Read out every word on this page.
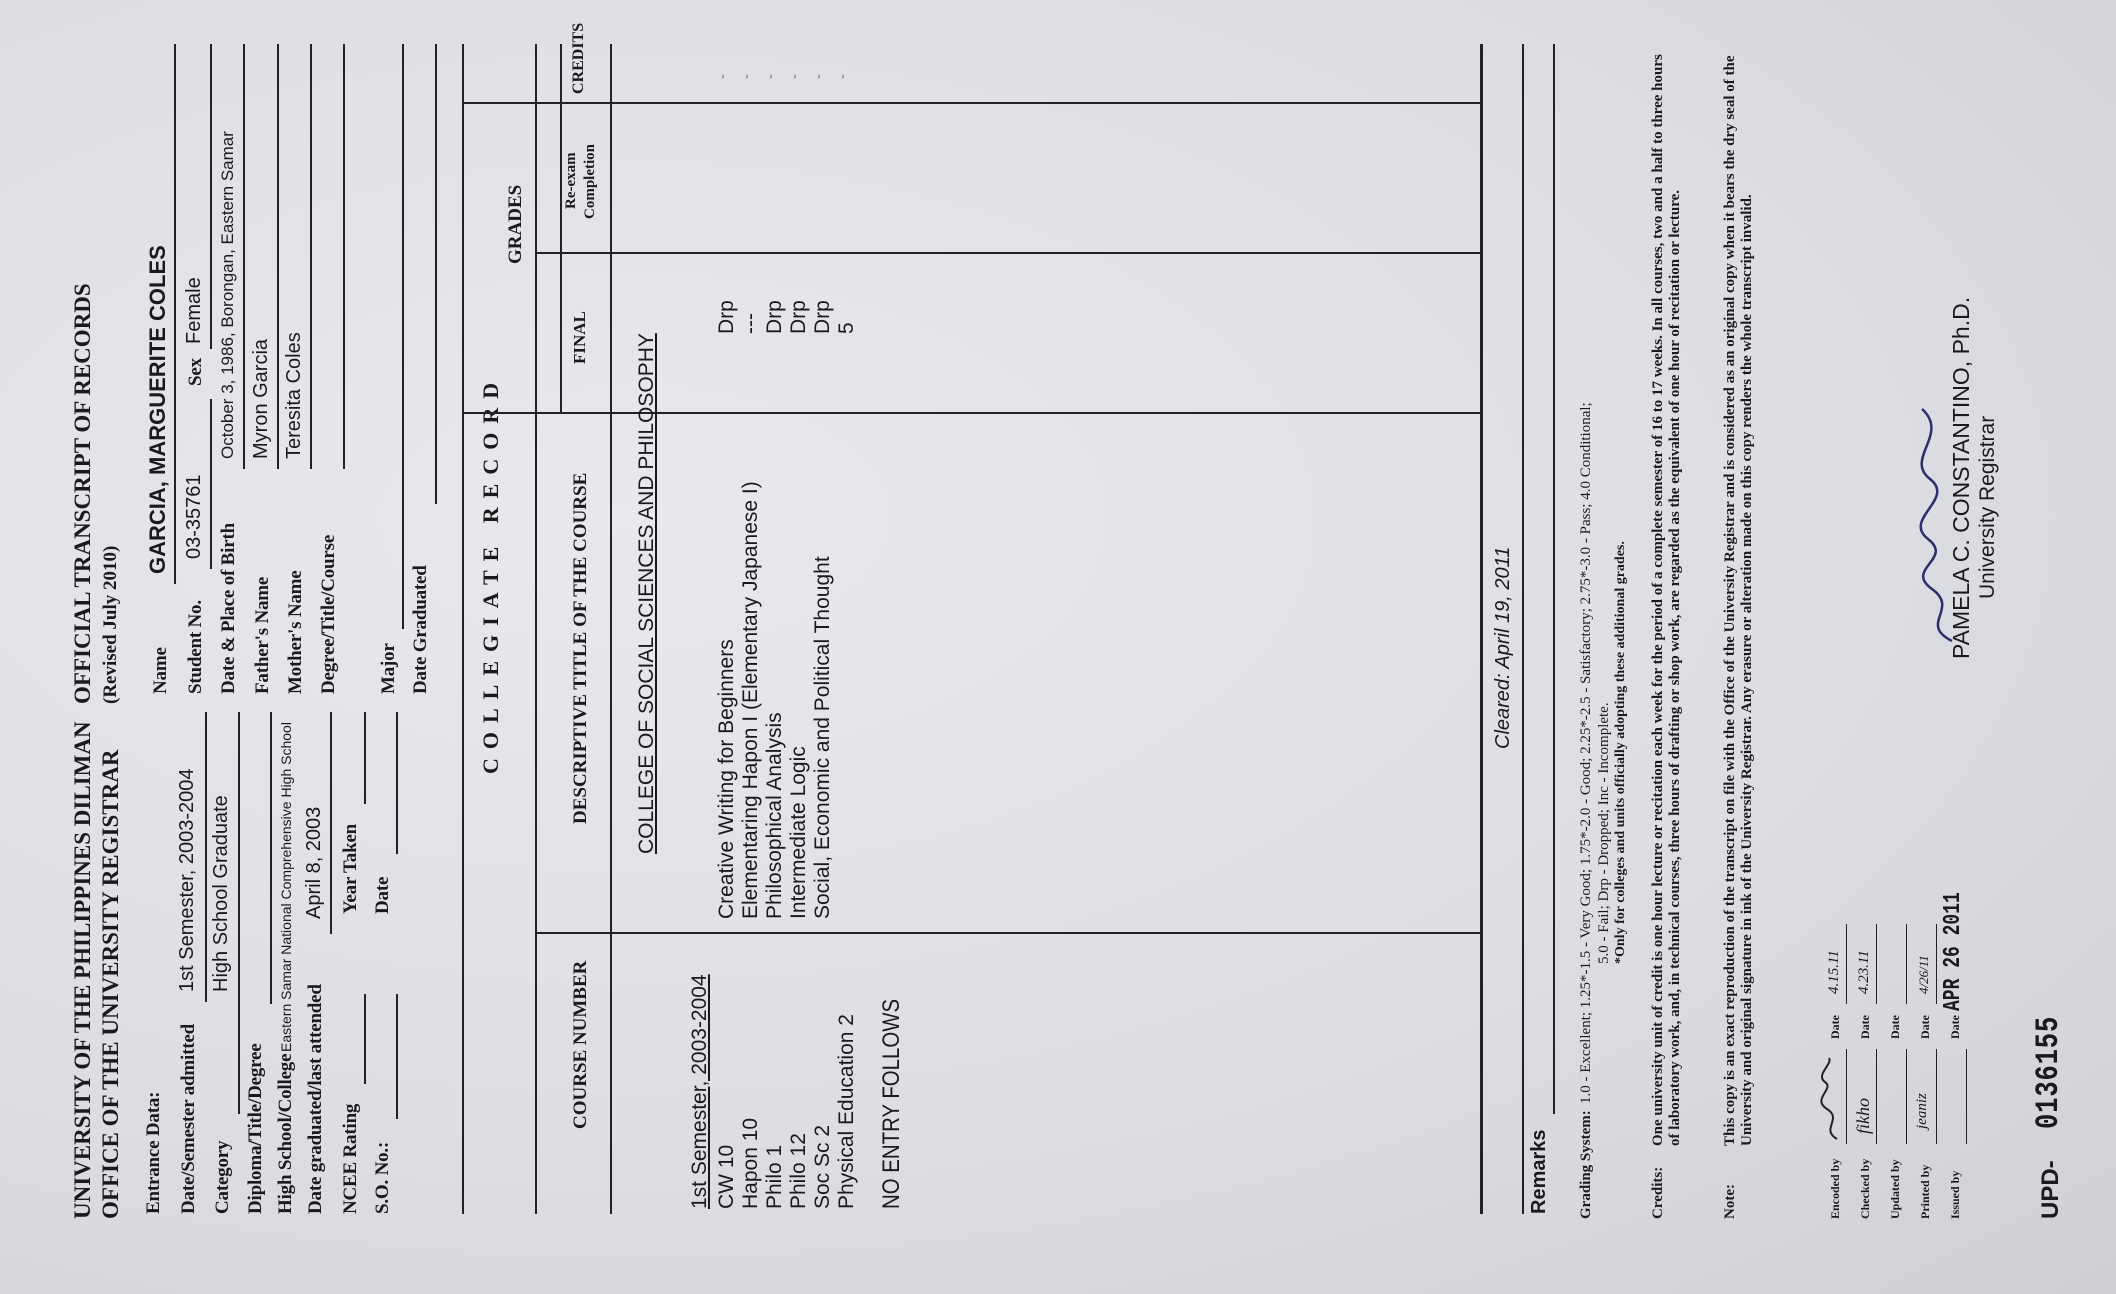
UNIVERSITY OF THE PHILIPPINES DILIMAN OFFICE OF THE UNIVERSITY REGISTRAR
OFFICIAL TRANSCRIPT OF RECORDS (Revised July 2010)
Entrance Data: Date/Semester admitted
1st Semester, 2003-2004
Category
High School Graduate
Diploma/Title/Degree High School/College
Eastern Samar National Comprehensive High School
Date graduated/last attended
April 8, 2003
NCEE Rating
Year Taken
S.O. No.:
Date
Name
GARCIA, MARGUERITE COLES
Student No.
03-35761
Sex
Female
Date & Place of Birth
October 3, 1986, Borongan, Eastern Samar
Father's Name
Myron Garcia
Mother's Name
Teresita Coles
Degree/Title/Course Major Date Graduated COLLEGIATE RECORD
COURSE NUMBER
DESCRIPTIVE TITLE OF THE COURSE
GRADES
FINAL
Re-exam Completion
CREDITS
COLLEGE OF SOCIAL SCIENCES AND PHILOSOPHY
1st Semester, 2003-2004 CW 10
Creative Writing for Beginners
Drp
-
Hapon 10
Elementaring Hapon I (Elementary Japanese I)
---
-
Philo 1
Philosophical Analysis
Drp
-
Philo 12
Intermediate Logic
Drp
-
Soc Sc 2
Social, Economic and Political Thought
Drp
-
Physical Education 2
5
-
NO ENTRY FOLLOWS
Cleared: April 19, 2011
Remarks Grading System:
1.0 - Excellent; 1.25*-1.5 - Very Good; 1.75*-2.0 - Good; 2.25*-2.5 - Satisfactory; 2.75*-3.0 - Pass; 4.0 Conditional; 5.0 - Fail; Drp - Dropped; Inc - Incomplete. *Only for colleges and units officially adopting these additional grades.
Credits:
One university unit of credit is one hour lecture or recitation each week for the period of a complete semester of 16 to 17 weeks. In all courses, two and a half to three hours of laboratory work, and, in technical courses, three hours of drafting or shop work, are regarded as the equivalent of one hour of recitation or lecture.
Note:
This copy is an exact reproduction of the transcript on file with the Office of the University Registrar and is considered as an original copy when it bears the dry seal of the University and original signature in ink of the University Registrar. Any erasure or alteration made on this copy renders the whole transcript invalid.
Encoded by
Date
4.15.11
Checked by
fikho
Date
4.23.11
Updated by
Date
Printed by
jeaniz
Date
4/26/11
Issued by
Date
APR 26 2011
PAMELA C. CONSTANTINO, Ph.D. University Registrar
UPD-
0136155
